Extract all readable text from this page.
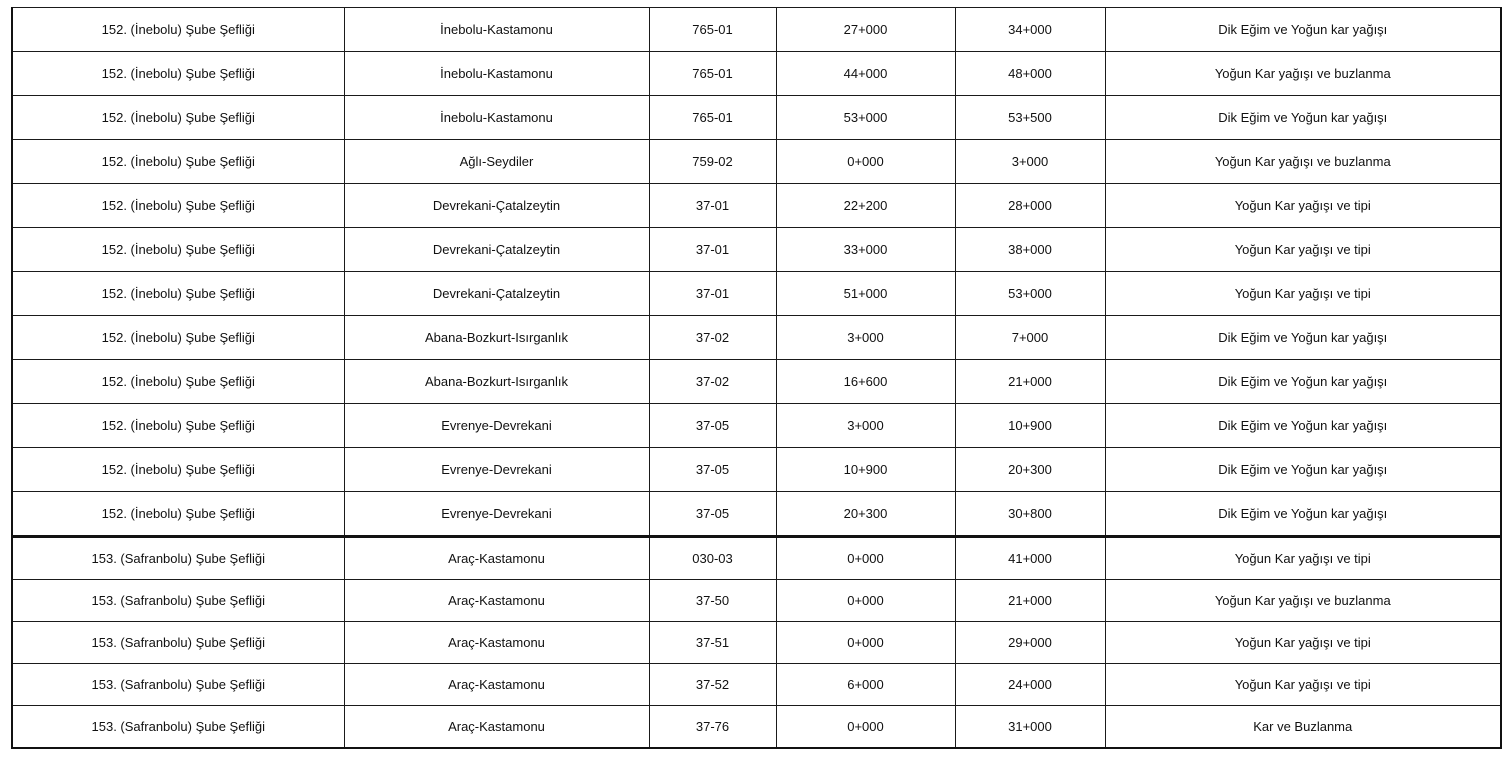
152. (İnebolu) Şube Şefliği	İnebolu-Kastamonu	765-01	27+000	34+000	Dik Eğim ve Yoğun kar yağışı
152. (İnebolu) Şube Şefliği	İnebolu-Kastamonu	765-01	44+000	48+000	Yoğun Kar yağışı ve buzlanma
152. (İnebolu) Şube Şefliği	İnebolu-Kastamonu	765-01	53+000	53+500	Dik Eğim ve Yoğun kar yağışı
152. (İnebolu) Şube Şefliği	Ağlı-Seydiler	759-02	0+000	3+000	Yoğun Kar yağışı ve buzlanma
152. (İnebolu) Şube Şefliği	Devrekani-Çatalzeytin	37-01	22+200	28+000	Yoğun Kar yağışı ve tipi
152. (İnebolu) Şube Şefliği	Devrekani-Çatalzeytin	37-01	33+000	38+000	Yoğun Kar yağışı ve tipi
152. (İnebolu) Şube Şefliği	Devrekani-Çatalzeytin	37-01	51+000	53+000	Yoğun Kar yağışı ve tipi
152. (İnebolu) Şube Şefliği	Abana-Bozkurt-Isırganlık	37-02	3+000	7+000	Dik Eğim ve Yoğun kar yağışı
152. (İnebolu) Şube Şefliği	Abana-Bozkurt-Isırganlık	37-02	16+600	21+000	Dik Eğim ve Yoğun kar yağışı
152. (İnebolu) Şube Şefliği	Evrenye-Devrekani	37-05	3+000	10+900	Dik Eğim ve Yoğun kar yağışı
152. (İnebolu) Şube Şefliği	Evrenye-Devrekani	37-05	10+900	20+300	Dik Eğim ve Yoğun kar yağışı
152. (İnebolu) Şube Şefliği	Evrenye-Devrekani	37-05	20+300	30+800	Dik Eğim ve Yoğun kar yağışı
153. (Safranbolu) Şube Şefliği	Araç-Kastamonu	030-03	0+000	41+000	Yoğun Kar yağışı ve tipi
153. (Safranbolu) Şube Şefliği	Araç-Kastamonu	37-50	0+000	21+000	Yoğun Kar yağışı ve buzlanma
153. (Safranbolu) Şube Şefliği	Araç-Kastamonu	37-51	0+000	29+000	Yoğun Kar yağışı ve tipi
153. (Safranbolu) Şube Şefliği	Araç-Kastamonu	37-52	6+000	24+000	Yoğun Kar yağışı ve tipi
153. (Safranbolu) Şube Şefliği	Araç-Kastamonu	37-76	0+000	31+000	Kar ve Buzlanma
